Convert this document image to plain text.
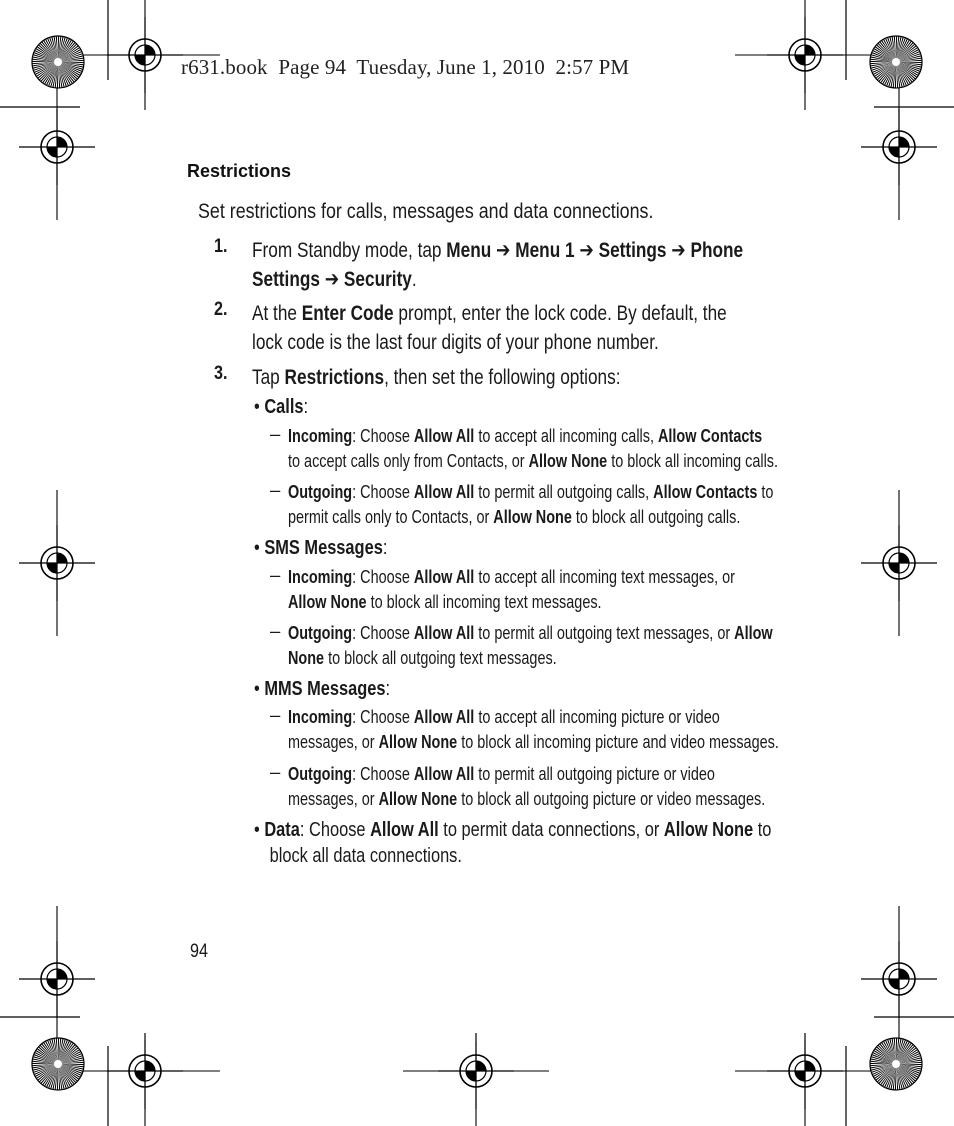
r631.book  Page 94  Tuesday, June 1, 2010  2:57 PM
Restrictions
Set restrictions for calls, messages and data connections.
1. From Standby mode, tap Menu ➔ Menu 1 ➔ Settings ➔ Phone
Settings ➔ Security.
2. At the Enter Code prompt, enter the lock code. By default, the
lock code is the last four digits of your phone number.
3. Tap Restrictions, then set the following options:
• Calls:
– Incoming: Choose Allow All to accept all incoming calls, Allow Contacts
to accept calls only from Contacts, or Allow None to block all incoming calls.
– Outgoing: Choose Allow All to permit all outgoing calls, Allow Contacts to
permit calls only to Contacts, or Allow None to block all outgoing calls.
• SMS Messages:
– Incoming: Choose Allow All to accept all incoming text messages, or
Allow None to block all incoming text messages.
– Outgoing: Choose Allow All to permit all outgoing text messages, or Allow
None to block all outgoing text messages.
• MMS Messages:
– Incoming: Choose Allow All to accept all incoming picture or video
messages, or Allow None to block all incoming picture and video messages.
– Outgoing: Choose Allow All to permit all outgoing picture or video
messages, or Allow None to block all outgoing picture or video messages.
• Data: Choose Allow All to permit data connections, or Allow None to
block all data connections.
94
